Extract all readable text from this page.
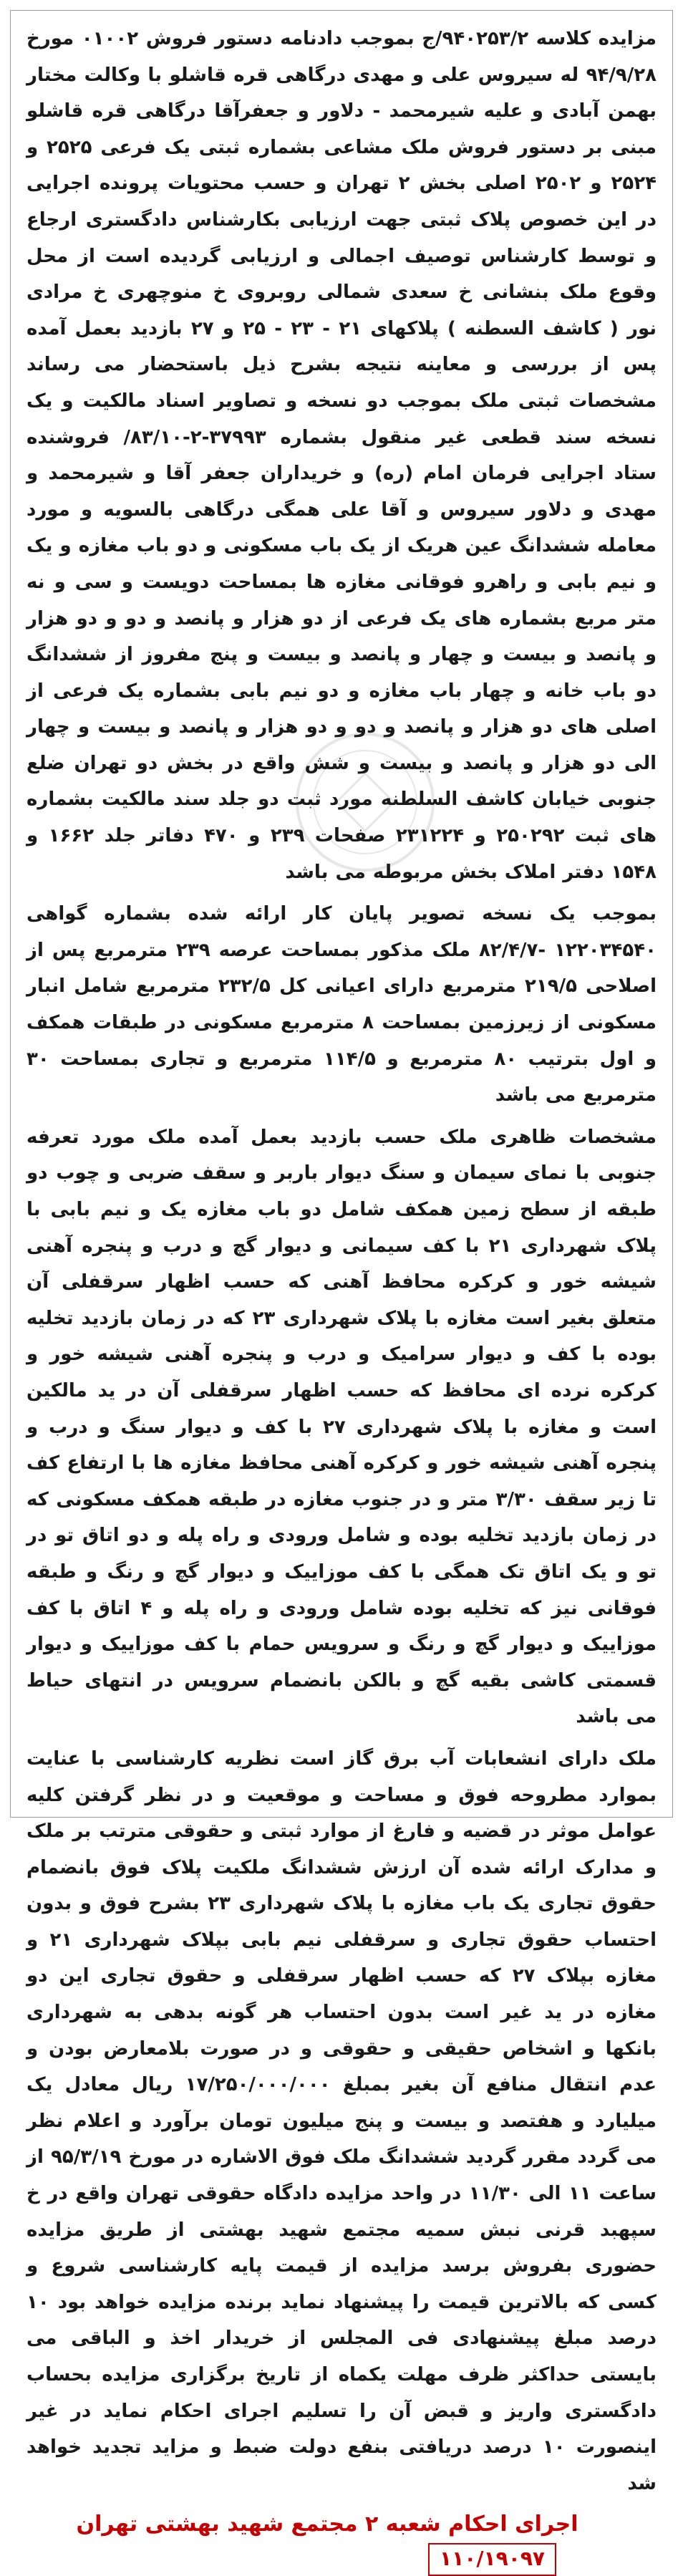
مزایده کلاسه ۹۴۰۲۵۳/۲/ج بموجب دادنامه دستور فروش ۰۱۰۰۲ مورخ ۹۴/۹/۲۸ له سیروس علی و مهدی درگاهی قره قاشلو با وکالت مختار بهمن آبادی و علیه شیرمحمد - دلاور و جعفرآقا درگاهی قره قاشلو مبنی بر دستور فروش ملک مشاعی بشماره ثبتی یک فرعی ۲۵۲۵ و ۲۵۲۴ و ۲۵۰۲ اصلی بخش ۲ تهران و حسب محتویات پرونده اجرایی در این خصوص پلاک ثبتی جهت ارزیابی بکارشناس دادگستری ارجاع و توسط کارشناس توصیف اجمالی و ارزیابی گردیده است از محل وقوع ملک بنشانی خ سعدی شمالی روبروی خ منوچهری خ مرادی نور ( کاشف السطنه ) پلاکهای ۲۱ - ۲۳ - ۲۵ و ۲۷ بازدید بعمل آمده پس از بررسی و معاینه نتیجه بشرح ذیل باستحضار می رساند مشخصات ثبتی ملک بموجب دو نسخه و تصاویر اسناد مالکیت و یک نسخه سند قطعی غیر منقول بشماره ۳۷۹۹۳-۲-۸۳/۱۰/ فروشنده ستاد اجرایی فرمان امام (ره) و خریداران جعفر آقا و شیرمحمد و مهدی و دلاور سیروس و آقا علی همگی درگاهی بالسویه و مورد معامله ششدانگ عین هریک از یک باب مسکونی و دو باب مغازه و یک و نیم بابی و راهرو فوقانی مغازه ها بمساحت دویست و سی و نه متر مربع بشماره های یک فرعی از دو هزار و پانصد و دو و دو هزار و پانصد و بیست و چهار و پانصد و بیست و پنج مفروز از ششدانگ دو باب خانه و چهار باب مغازه و دو نیم بابی بشماره یک فرعی از اصلی های دو هزار و پانصد و دو و دو هزار و پانصد و بیست و چهار الی دو هزار و پانصد و بیست و شش واقع در بخش دو تهران ضلع جنوبی خیابان کاشف السلطنه مورد ثبت دو جلد سند مالکیت بشماره های ثبت ۲۵۰۲۹۲ و ۲۳۱۲۲۴ صفحات ۲۳۹ و ۴۷۰ دفاتر جلد ۱۶۶۲ و ۱۵۴۸ دفتر املاک بخش مربوطه می باشد

بموجب یک نسخه تصویر پایان کار ارائه شده بشماره گواهی ۱۲۲۰۳۴۵۴۰ -۸۲/۴/۷ ملک مذکور بمساحت عرصه ۲۳۹ مترمربع پس از اصلاحی ۲۱۹/۵ مترمربع دارای اعیانی کل ۲۳۲/۵ مترمربع شامل انبار مسکونی از زیرزمین بمساحت ۸ مترمربع مسکونی در طبقات همکف و اول بترتیب ۸۰ مترمربع و ۱۱۴/۵ مترمربع و تجاری بمساحت ۳۰ مترمربع می باشد

مشخصات ظاهری ملک حسب بازدید بعمل آمده ملک مورد تعرفه جنوبی با نمای سیمان و سنگ دیوار باربر و سقف ضربی و چوب دو طبقه از سطح زمین همکف شامل دو باب مغازه یک و نیم بابی با پلاک شهرداری ۲۱ با کف سیمانی و دیوار گچ و درب و پنجره آهنی شیشه خور و کرکره محافظ آهنی که حسب اظهار سرقفلی آن متعلق بغیر است مغازه با پلاک شهرداری ۲۳ که در زمان بازدید تخلیه بوده با کف و دیوار سرامیک و درب و پنجره آهنی شیشه خور و کرکره نرده ای محافظ که حسب اظهار سرقفلی آن در ید مالکین است و مغازه با پلاک شهرداری ۲۷ با کف و دیوار سنگ و درب و پنجره آهنی شیشه خور و کرکره آهنی محافظ مغازه ها با ارتفاع کف تا زیر سقف ۳/۳۰ متر و در جنوب مغازه در طبقه همکف مسکونی که در زمان بازدید تخلیه بوده و شامل ورودی و راه پله و دو اتاق تو در تو و یک اتاق تک همگی با کف موزاییک و دیوار گچ و رنگ و طبقه فوقانی نیز که تخلیه بوده شامل ورودی و راه پله و ۴ اتاق با کف موزاییک و دیوار گچ و رنگ و سرویس حمام با کف موزاییک و دیوار قسمتی کاشی بقیه گچ و بالکن بانضمام سرویس در انتهای حیاط می باشد

ملک دارای انشعابات آب برق گاز است نظریه کارشناسی با عنایت بموارد مطروحه فوق و مساحت و موقعیت و در نظر گرفتن کلیه عوامل موثر در قضیه و فارغ از موارد ثبتی و حقوقی مترتب بر ملک و مدارک ارائه شده آن ارزش ششدانگ ملکیت پلاک فوق بانضمام حقوق تجاری یک باب مغازه با پلاک شهرداری ۲۳ بشرح فوق و بدون احتساب حقوق تجاری و سرقفلی نیم بابی بپلاک شهرداری ۲۱ و مغازه بپلاک ۲۷ که حسب اظهار سرقفلی و حقوق تجاری این دو مغازه در ید غیر است بدون احتساب هر گونه بدهی به شهرداری بانکها و اشخاص حقیقی و حقوقی و در صورت بلامعارض بودن و عدم انتقال منافع آن بغیر بمبلغ ۱۷/۲۵۰/۰۰۰/۰۰۰ ریال معادل یک میلیارد و هفتصد و بیست و پنج میلیون تومان برآورد و اعلام نظر می گردد مقرر گردید ششدانگ ملک فوق الاشاره در مورخ ۹۵/۳/۱۹ از ساعت ۱۱ الی ۱۱/۳۰ در واحد مزایده دادگاه حقوقی تهران واقع در خ سپهبد قرنی نبش سمیه مجتمع شهید بهشتی از طریق مزایده حضوری بفروش برسد مزایده از قیمت پایه کارشناسی شروع و کسی که بالاترین قیمت را پیشنهاد نماید برنده مزایده خواهد بود ۱۰ درصد مبلغ پیشنهادی فی المجلس از خریدار اخذ و الباقی می بایستی حداکثر ظرف مهلت یکماه از تاریخ برگزاری مزایده بحساب دادگستری واریز و قبض آن را تسلیم اجرای احکام نماید در غیر اینصورت ۱۰ درصد دریافتی بنفع دولت ضبط و مزاید تجدید خواهد شد

اجرای احکام شعبه ۲ مجتمع شهید بهشتی تهران
۱۱۰/۱۹۰۹۷
